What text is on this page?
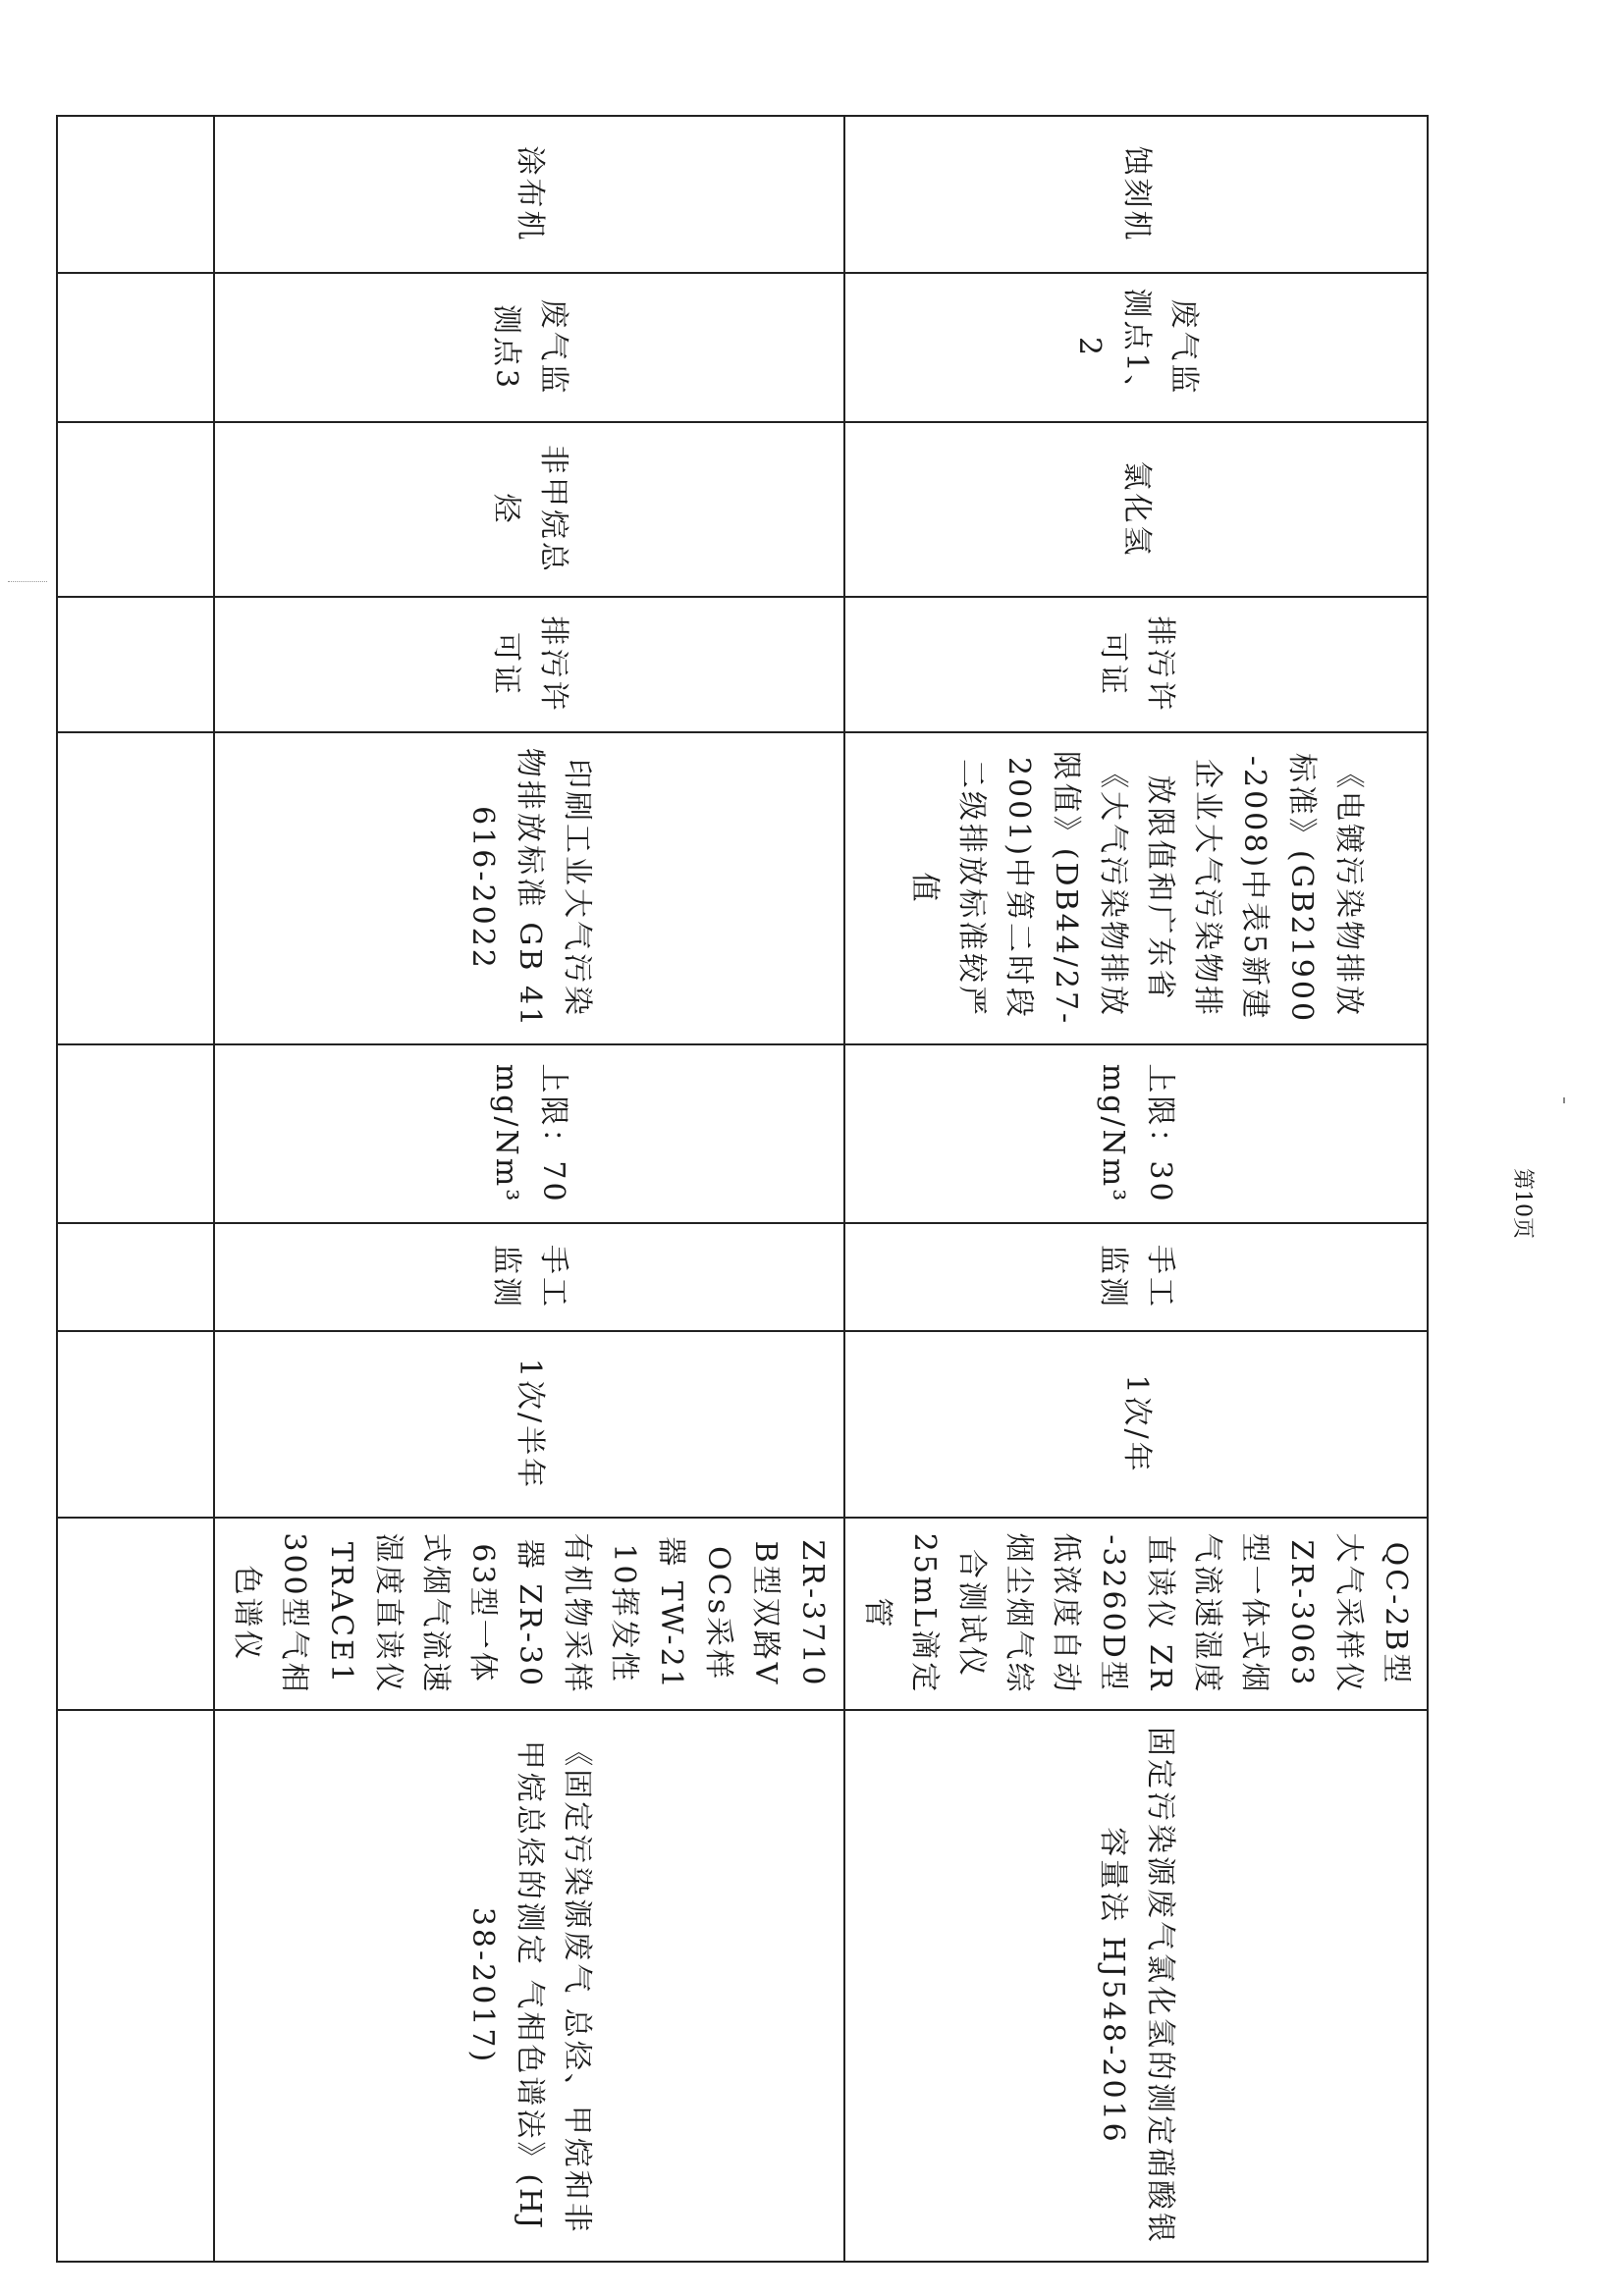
蚀刻机	废气监测点1、2	氯化氢	排污许可证	《电镀污染物排放标准》(GB21900-2008)中表5新建企业大气污染物排放限值和广东省《大气污染物排放限值》(DB44/27-2001)中第二时段二级排放标准较严值	上限：30mg/Nm³	手工监测	1次/年	QC-2B型大气采样仪 ZR-3063型一体式烟气流速湿度直读仪 ZR-3260D型低浓度自动烟尘烟气综合测试仪 25mL滴定管	固定污染源废气氯化氢的测定硝酸银容量法 HJ548-2016
涂布机	废气监测点3	非甲烷总烃	排污许可证	印刷工业大气污染物排放标准 GB 41616-2022	上限：70mg/Nm³	手工监测	1次/半年	ZR-3710B型双路VOCs采样器 TW-2110挥发性有机物采样器 ZR-3063型一体式烟气流速湿度直读仪 TRACE1300型气相色谱仪	《固定污染源废气 总烃、甲烷和非甲烷总烃的测定 气相色谱法》(HJ 38-2017)

第10页
